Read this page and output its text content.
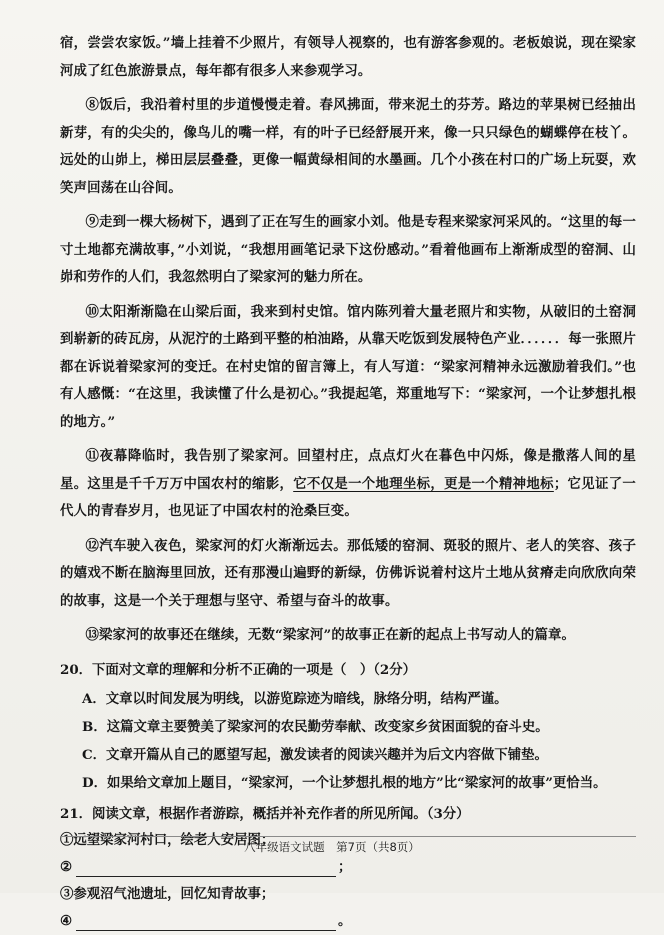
宿，尝尝农家饭。”墙上挂着不少照片，有领导人视察的，也有游客参观的。老板娘说，现在梁家河成了红色旅游景点，每年都有很多人来参观学习。

⑧饭后，我沿着村里的步道慢慢走着。春风拂面，带来泥土的芬芳。路边的苹果树已经抽出新芽，有的尖尖的，像鸟儿的嘴一样，有的叶子已经舒展开来，像一只只绿色的蝴蝶停在枝丫。远处的山峁上，梯田层层叠叠，更像一幅黄绿相间的水墨画。几个小孩在村口的广场上玩耍，欢笑声回荡在山谷间。

⑨走到一棵大杨树下，遇到了正在写生的画家小刘。他是专程来梁家河采风的。“这里的每一寸土地都充满故事，”小刘说，“我想用画笔记录下这份感动。”看着他画布上渐渐成型的窑洞、山峁和劳作的人们，我忽然明白了梁家河的魅力所在。

⑩太阳渐渐隐在山梁后面，我来到村史馆。馆内陈列着大量老照片和实物，从破旧的土窑洞到崭新的砖瓦房，从泥泞的土路到平整的柏油路，从靠天吃饭到发展特色产业．．．．．．每一张照片都在诉说着梁家河的变迁。在村史馆的留言簿上，有人写道：“梁家河精神永远激励着我们。”也有人感慨：“在这里，我读懂了什么是初心。”我提起笔，郑重地写下：“梁家河，一个让梦想扎根的地方。”

⑪夜幕降临时，我告别了梁家河。回望村庄，点点灯火在暮色中闪烁，像是撒落人间的星星。这里是千千万万中国农村的缩影，它不仅是一个地理坐标，更是一个精神地标；它见证了一代人的青春岁月，也见证了中国农村的沧桑巨变。

⑫汽车驶入夜色，梁家河的灯火渐渐远去。那低矮的窑洞、斑驳的照片、老人的笑容、孩子的嬉戏不断在脑海里回放，还有那漫山遍野的新绿，仿佛诉说着村这片土地从贫瘠走向欣欣向荣的故事，这是一个关于理想与坚守、希望与奋斗的故事。

⑬梁家河的故事还在继续，无数“梁家河”的故事正在新的起点上书写动人的篇章。

20．下面对文章的理解和分析不正确的一项是（　）（2分）

A．文章以时间发展为明线，以游览踪迹为暗线，脉络分明，结构严谨。
B．这篇文章主要赞美了梁家河的农民勤劳奉献、改变家乡贫困面貌的奋斗史。
C．文章开篇从自己的愿望写起，激发读者的阅读兴趣并为后文内容做下铺垫。
D．如果给文章加上题目，“梁家河，一个让梦想扎根的地方”比“梁家河的故事”更恰当。

21．阅读文章，根据作者游踪，概括并补充作者的所见所闻。（3分）

①远望梁家河村口，绘老人安居图；
②	；
③参观沼气池遗址，回忆知青故事；
④	。
八年级语文试题　第7页（共8页）
